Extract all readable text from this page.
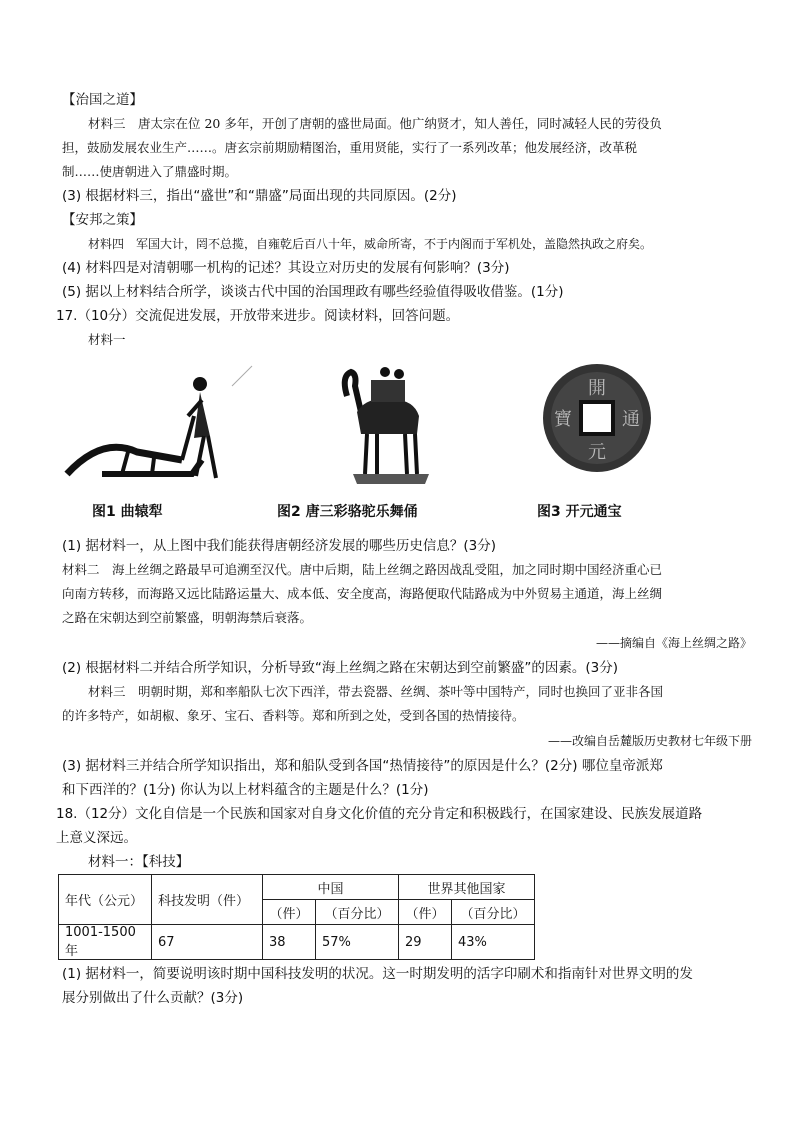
【治国之道】

材料三　唐太宗在位 20 多年，开创了唐朝的盛世局面。他广纳贤才，知人善任，同时减轻人民的劳役负

担，鼓励发展农业生产……。唐玄宗前期励精图治，重用贤能，实行了一系列改革；他发展经济，改革税

制……使唐朝进入了鼎盛时期。

(3) 根据材料三，指出“盛世”和“鼎盛”局面出现的共同原因。(2分)

【安邦之策】

材料四　军国大计，罔不总揽，自雍乾后百八十年，威命所寄，不于内阁而于军机处，盖隐然执政之府矣。

(4) 材料四是对清朝哪一机构的记述？其设立对历史的发展有何影响？(3分)

(5) 据以上材料结合所学，谈谈古代中国的治国理政有哪些经验值得吸收借鉴。(1分)

17.（10分）交流促进发展，开放带来进步。阅读材料，回答问题。

材料一

图1 曲辕犁	图2 唐三彩骆驼乐舞俑
開
元
通
寶
图3 开元通宝

(1) 据材料一，从上图中我们能获得唐朝经济发展的哪些历史信息？(3分)

材料二　海上丝绸之路最早可追溯至汉代。唐中后期，陆上丝绸之路因战乱受阻，加之同时期中国经济重心已

向南方转移，而海路又远比陆路运量大、成本低、安全度高，海路便取代陆路成为中外贸易主通道，海上丝绸

之路在宋朝达到空前繁盛，明朝海禁后衰落。

——摘编自《海上丝绸之路》

(2) 根据材料二并结合所学知识，分析导致“海上丝绸之路在宋朝达到空前繁盛”的因素。(3分)

材料三　明朝时期，郑和率船队七次下西洋，带去瓷器、丝绸、茶叶等中国特产，同时也换回了亚非各国

的许多特产，如胡椒、象牙、宝石、香料等。郑和所到之处，受到各国的热情接待。

——改编自岳麓版历史教材七年级下册

(3) 据材料三并结合所学知识指出，郑和船队受到各国“热情接待”的原因是什么？(2分) 哪位皇帝派郑

和下西洋的？(1分) 你认为以上材料蕴含的主题是什么？(1分)

18.（12分）文化自信是一个民族和国家对自身文化价值的充分肯定和积极践行，在国家建设、民族发展道路

上意义深远。

材料一：【科技】

年代（公元）	科技发明（件）	中国		世界其他国家	
		（件）	（百分比）	（件）	（百分比）
1001-1500 年	67	38	57%	29	43%

(1) 据材料一，简要说明该时期中国科技发明的状况。这一时期发明的活字印刷术和指南针对世界文明的发

展分别做出了什么贡献？(3分)
